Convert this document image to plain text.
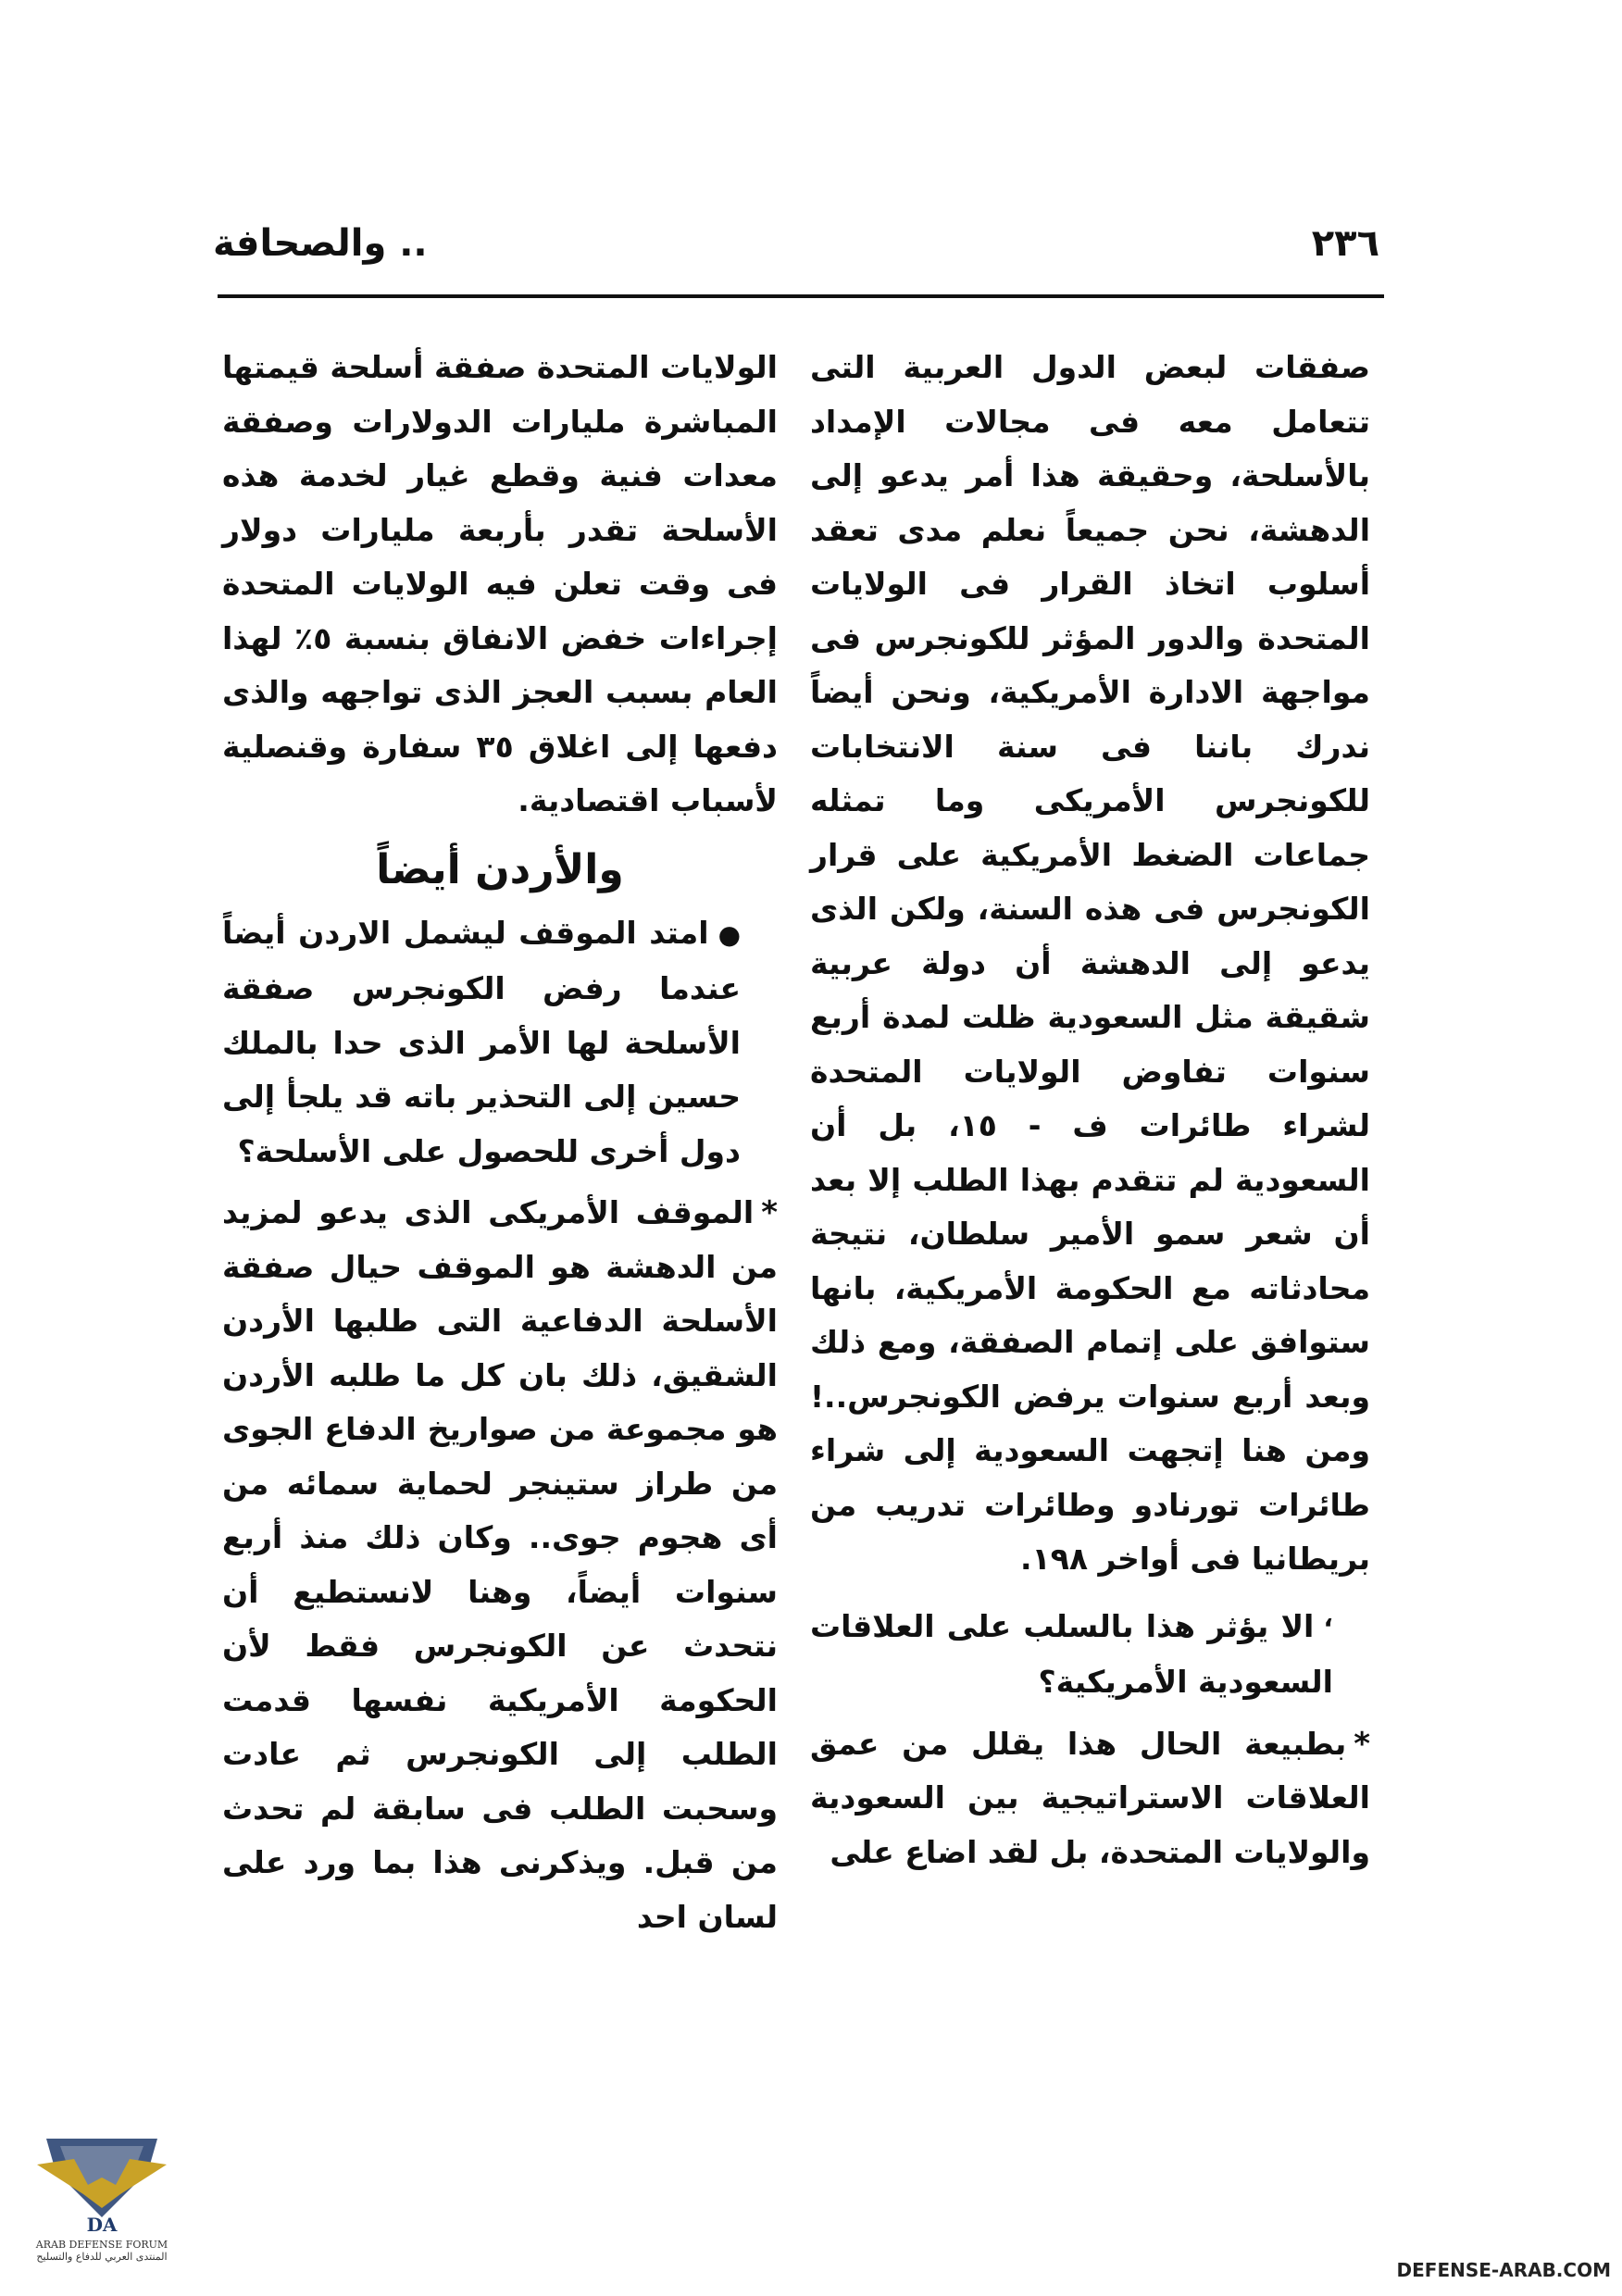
٢٣٦
.. والصحافة

صفقات لبعض الدول العربية التى تتعامل معه فى مجالات الإمداد بالأسلحة، وحقيقة هذا أمر يدعو إلى الدهشة، نحن جميعاً نعلم مدى تعقد أسلوب اتخاذ القرار فى الولايات المتحدة والدور المؤثر للكونجرس فى مواجهة الادارة الأمريكية، ونحن أيضاً ندرك باننا فى سنة الانتخابات للكونجرس الأمريكى وما تمثله جماعات الضغط الأمريكية على قرار الكونجرس فى هذه السنة، ولكن الذى يدعو إلى الدهشة أن دولة عربية شقيقة مثل السعودية ظلت لمدة أربع سنوات تفاوض الولايات المتحدة لشراء طائرات ف - ١٥، بل أن السعودية لم تتقدم بهذا الطلب إلا بعد أن شعر سمو الأمير سلطان، نتيجة محادثاته مع الحكومة الأمريكية، بانها ستوافق على إتمام الصفقة، ومع ذلك وبعد أربع سنوات يرفض الكونجرس..! ومن هنا إتجهت السعودية إلى شراء طائرات تورنادو وطائرات تدريب من بريطانيا فى أواخر ١٩٨.

‘الا يؤثر هذا بالسلب على العلاقات السعودية الأمريكية؟

*بطبيعة الحال هذا يقلل من عمق العلاقات الاستراتيجية بين السعودية والولايات المتحدة، بل لقد اضاع على

الولايات المتحدة صفقة أسلحة قيمتها المباشرة مليارات الدولارات وصفقة معدات فنية وقطع غيار لخدمة هذه الأسلحة تقدر بأربعة مليارات دولار فى وقت تعلن فيه الولايات المتحدة إجراءات خفض الانفاق بنسبة ٥٪ لهذا العام بسبب العجز الذى تواجهه والذى دفعها إلى اغلاق ٣٥ سفارة وقنصلية لأسباب اقتصادية.

والأردن أيضاً

●امتد الموقف ليشمل الاردن أيضاً عندما رفض الكونجرس صفقة الأسلحة لها الأمر الذى حدا بالملك حسين إلى التحذير باته قد يلجأ إلى دول أخرى للحصول على الأسلحة؟

*الموقف الأمريكى الذى يدعو لمزيد من الدهشة هو الموقف حيال صفقة الأسلحة الدفاعية التى طلبها الأردن الشقيق، ذلك بان كل ما طلبه الأردن هو مجموعة من صواريخ الدفاع الجوى من طراز ستينجر لحماية سمائه من أى هجوم جوى.. وكان ذلك منذ أربع سنوات أيضاً، وهنا لانستطيع أن نتحدث عن الكونجرس فقط لأن الحكومة الأمريكية نفسها قدمت الطلب إلى الكونجرس ثم عادت وسحبت الطلب فى سابقة لم تحدث من قبل. ويذكرنى هذا بما ورد على لسان احد

DA
ARAB DEFENSE FORUM
المنتدى العربي للدفاع والتسليح
DEFENSE-ARAB.COM
